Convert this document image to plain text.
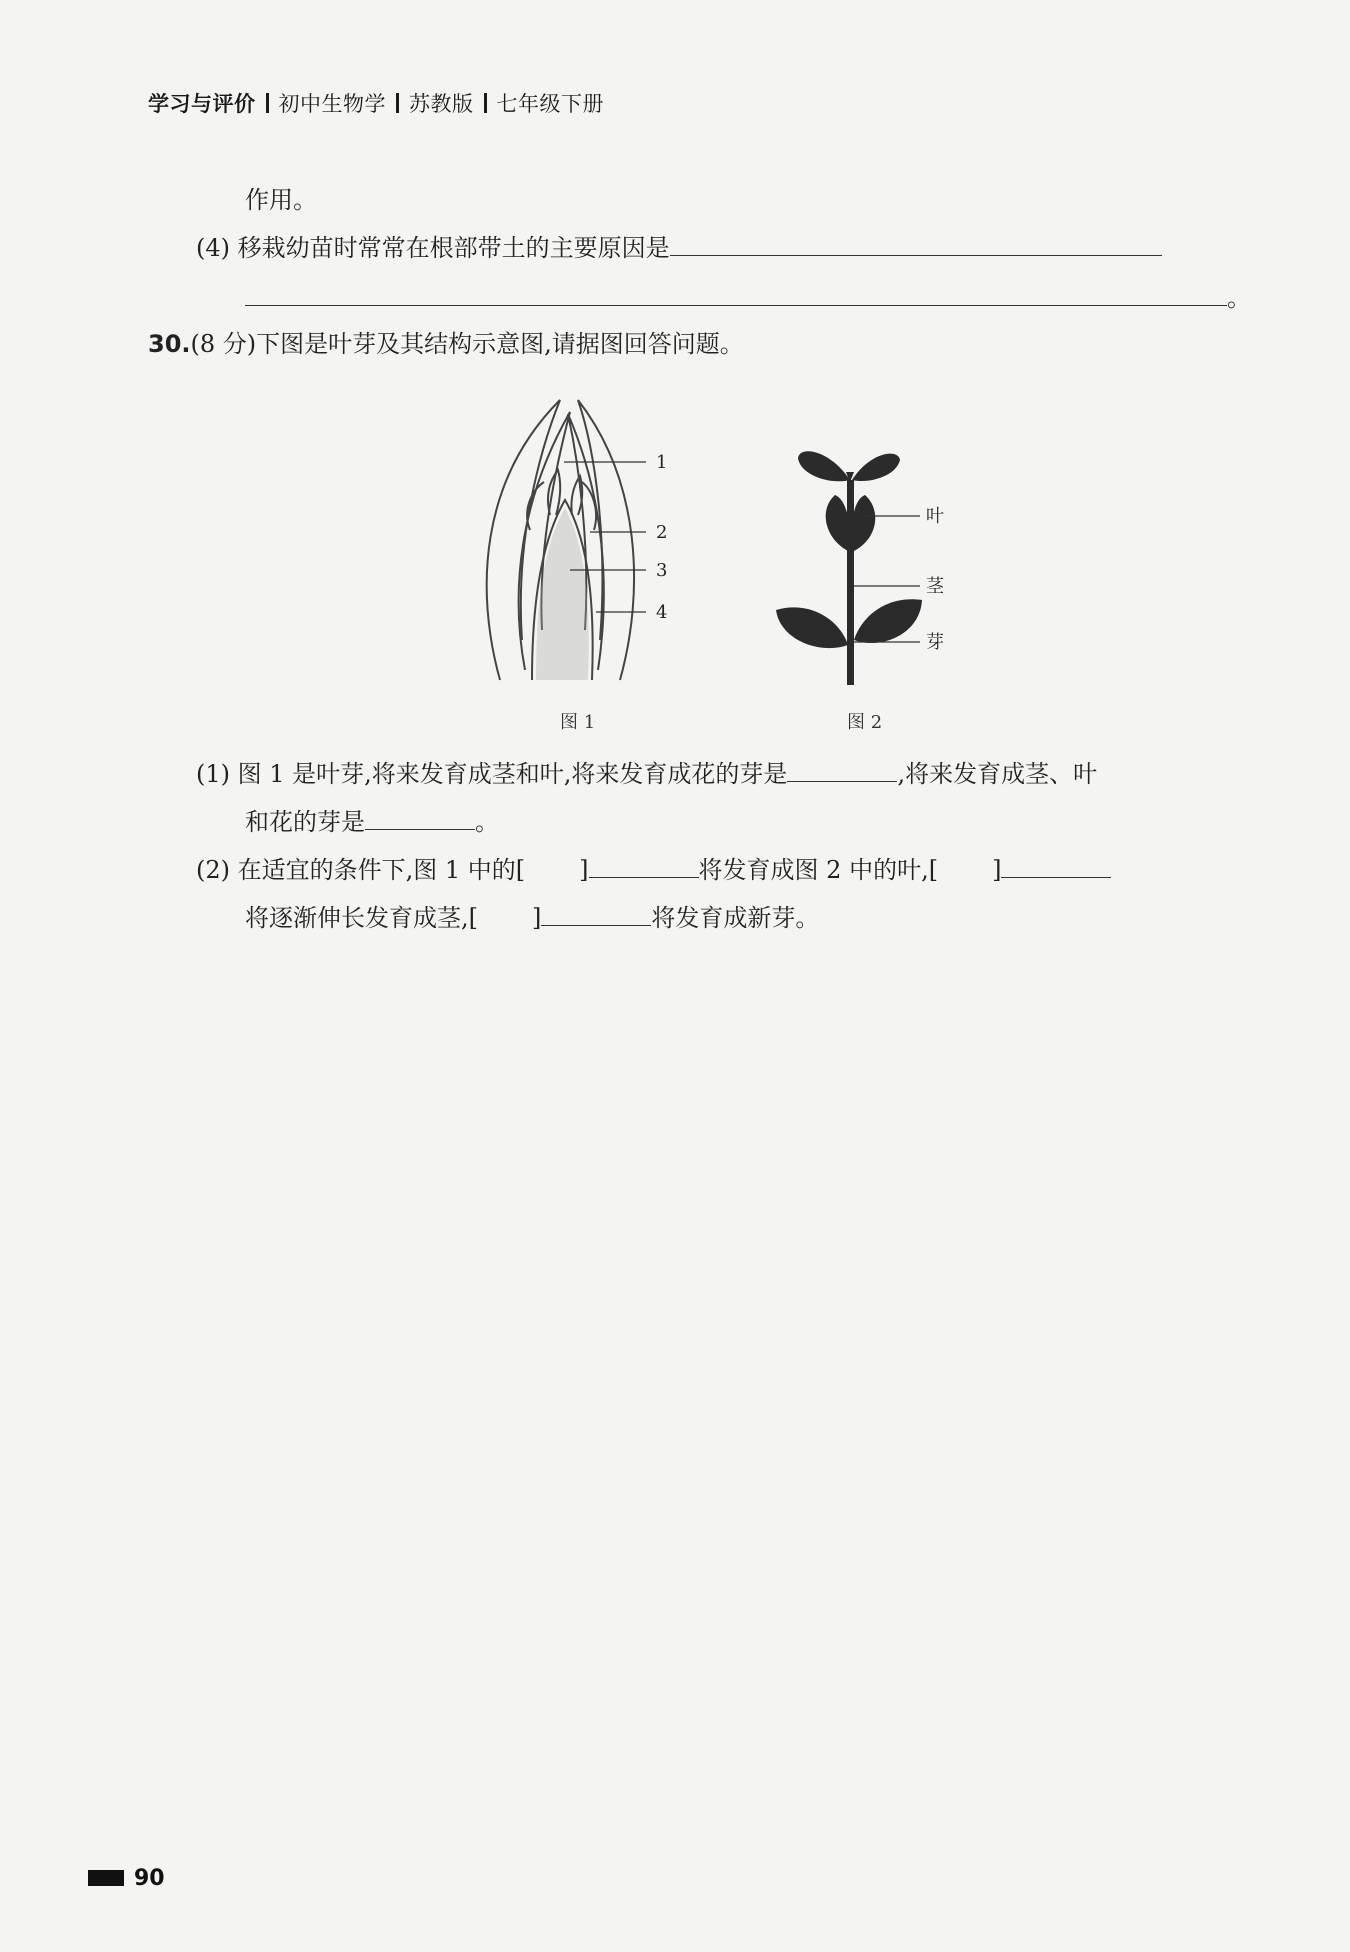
学习与评价 初中生物学 苏教版 七年级下册
作用。
(4) 移栽幼苗时常常在根部带土的主要原因是
。
30.(8 分)下图是叶芽及其结构示意图,请据图回答问题。
1
2
3
4
叶
茎
芽
图 1	图 2
(1) 图 1 是叶芽,将来发育成茎和叶,将来发育成花的芽是	,将来发育成茎、叶
和花的芽是	。
(2) 在适宜的条件下,图 1 中的[ ]	将发育成图 2 中的叶,[ ]
将逐渐伸长发育成茎,[ ]	将发育成新芽。
90
